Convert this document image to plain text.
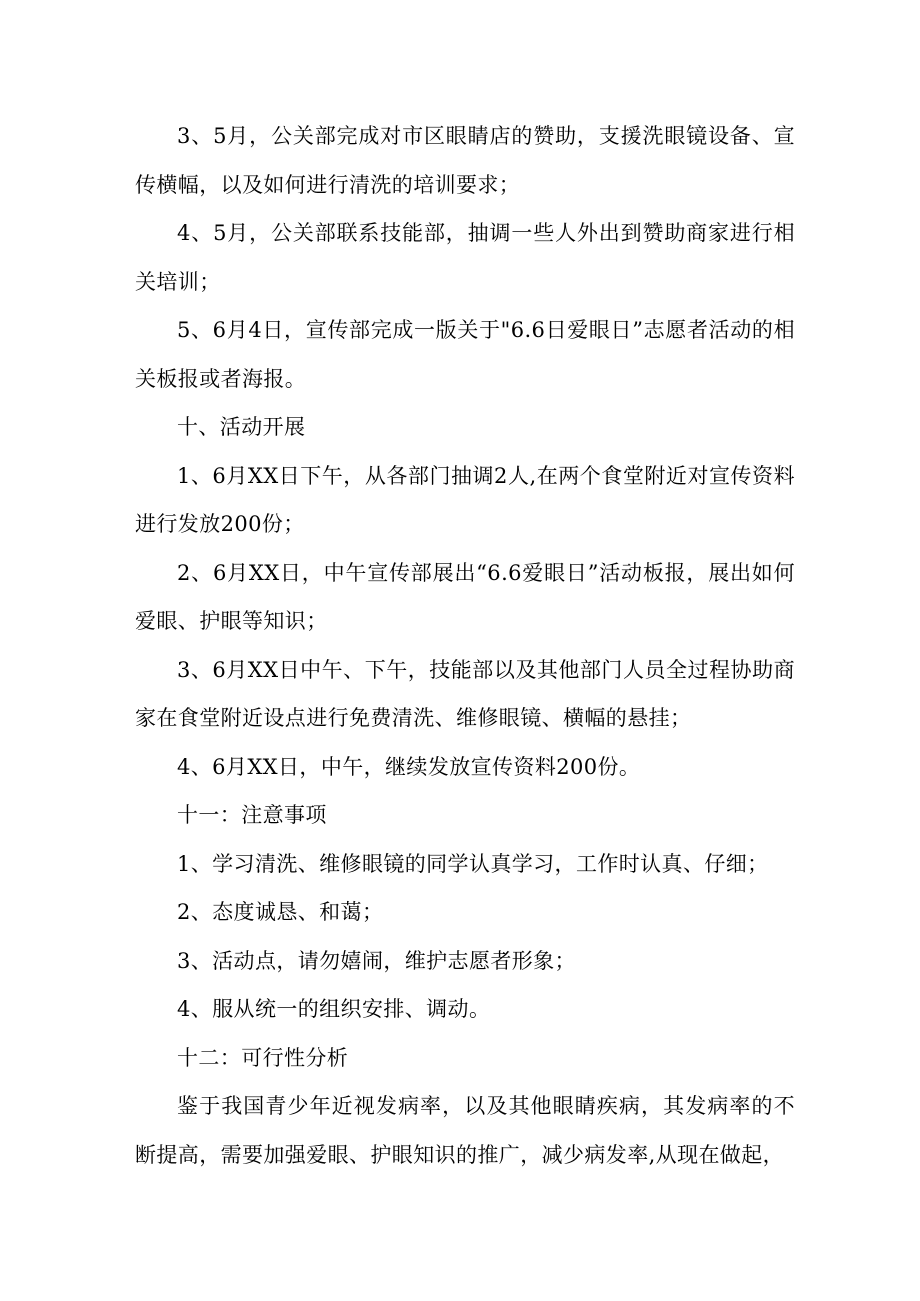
3、5月，公关部完成对市区眼睛店的赞助，支援洗眼镜设备、宣传横幅，以及如何进行清洗的培训要求；

4、5月，公关部联系技能部，抽调一些人外出到赞助商家进行相关培训；

5、6月4日，宣传部完成一版关于"6.6日爱眼日”志愿者活动的相关板报或者海报。

十、活动开展

1、6月XX日下午，从各部门抽调2人,在两个食堂附近对宣传资料进行发放200份；

2、6月XX日，中午宣传部展出“6.6爱眼日”活动板报，展出如何爱眼、护眼等知识；

3、6月XX日中午、下午，技能部以及其他部门人员全过程协助商家在食堂附近设点进行免费清洗、维修眼镜、横幅的悬挂；

4、6月XX日，中午，继续发放宣传资料200份。

十一：注意事项

1、学习清洗、维修眼镜的同学认真学习，工作时认真、仔细；

2、态度诚恳、和蔼；

3、活动点，请勿嬉闹，维护志愿者形象；

4、服从统一的组织安排、调动。

十二：可行性分析

鉴于我国青少年近视发病率，以及其他眼睛疾病，其发病率的不断提高，需要加强爱眼、护眼知识的推广，减少病发率,从现在做起，
